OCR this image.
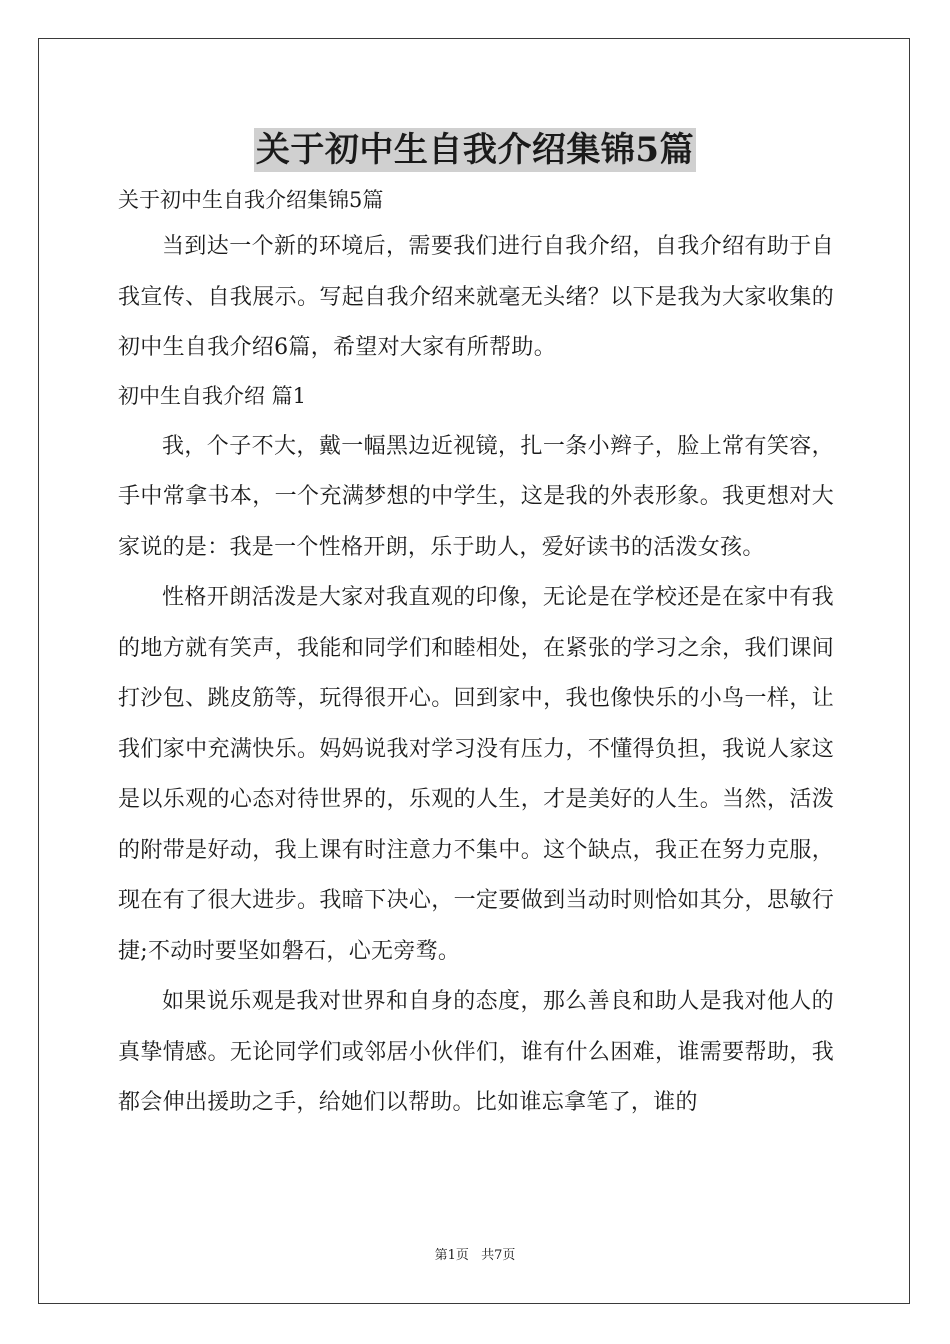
关于初中生自我介绍集锦5篇

关于初中生自我介绍集锦5篇

当到达一个新的环境后，需要我们进行自我介绍，自我介绍有助于自我宣传、自我展示。写起自我介绍来就毫无头绪？以下是我为大家收集的初中生自我介绍6篇，希望对大家有所帮助。

初中生自我介绍 篇1

我，个子不大，戴一幅黑边近视镜，扎一条小辫子，脸上常有笑容，手中常拿书本，一个充满梦想的中学生，这是我的外表形象。我更想对大家说的是：我是一个性格开朗，乐于助人，爱好读书的活泼女孩。

性格开朗活泼是大家对我直观的印像，无论是在学校还是在家中有我的地方就有笑声，我能和同学们和睦相处，在紧张的学习之余，我们课间打沙包、跳皮筋等，玩得很开心。回到家中，我也像快乐的小鸟一样，让我们家中充满快乐。妈妈说我对学习没有压力，不懂得负担，我说人家这是以乐观的心态对待世界的，乐观的人生，才是美好的人生。当然，活泼的附带是好动，我上课有时注意力不集中。这个缺点，我正在努力克服，现在有了很大进步。我暗下决心，一定要做到当动时则恰如其分，思敏行捷;不动时要坚如磐石，心无旁骛。

如果说乐观是我对世界和自身的态度，那么善良和助人是我对他人的真挚情感。无论同学们或邻居小伙伴们，谁有什么困难，谁需要帮助，我都会伸出援助之手，给她们以帮助。比如谁忘拿笔了，谁的

第1页 共7页
